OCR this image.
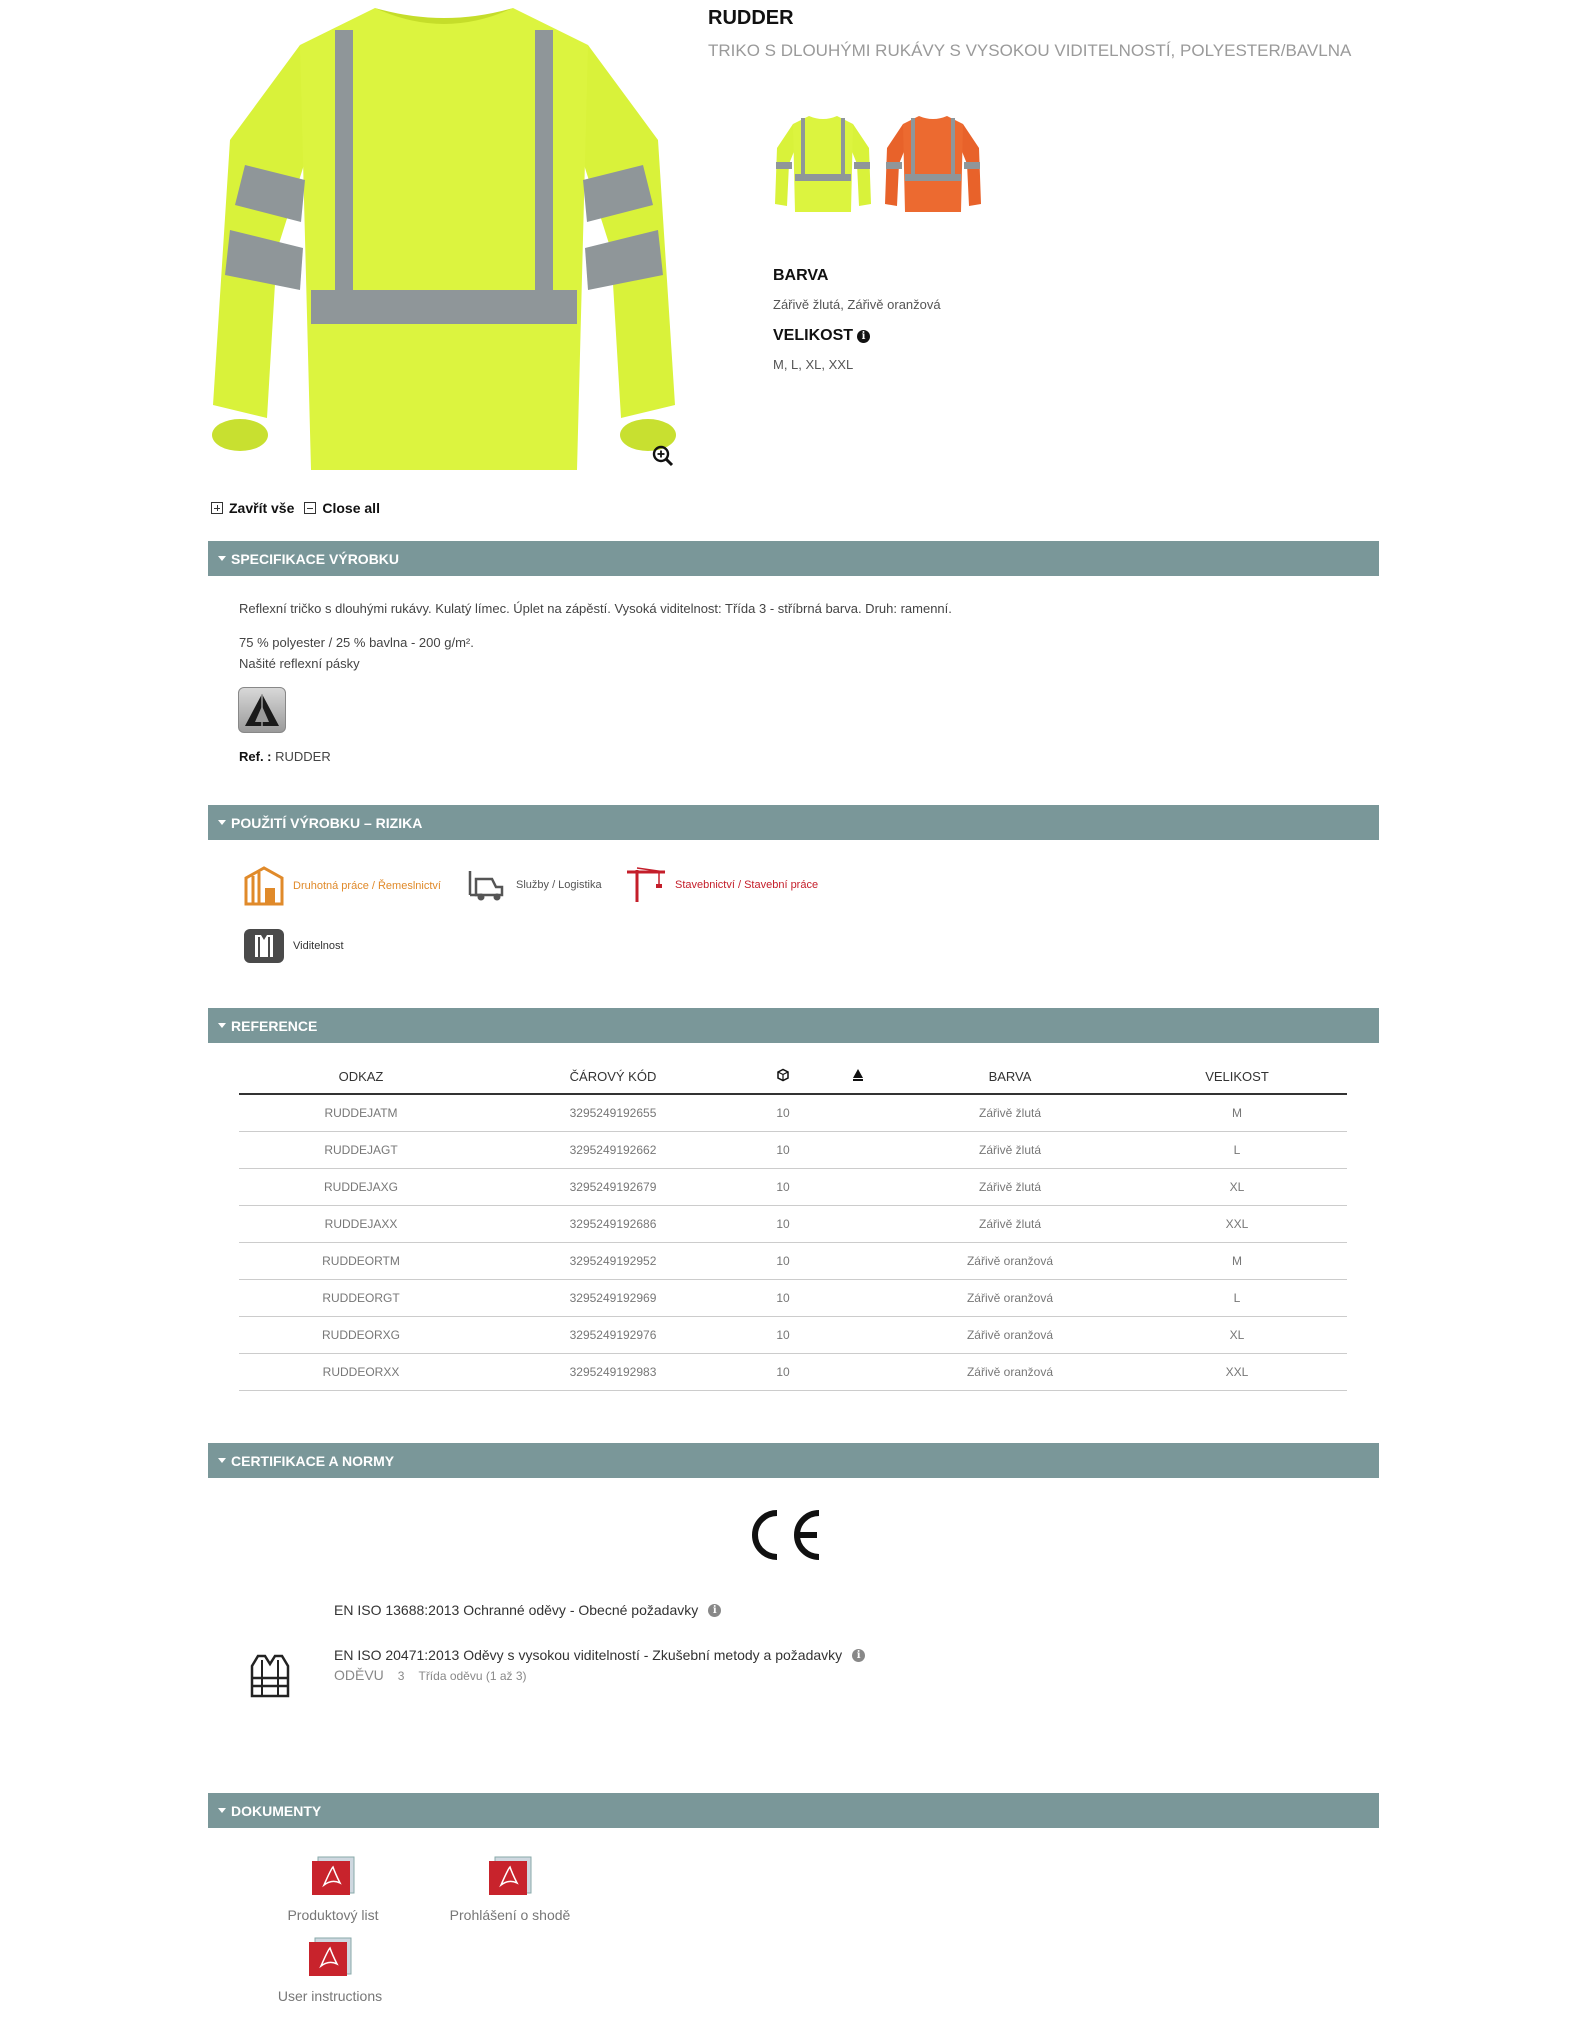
RUDDER
TRIKO S DLOUHÝMI RUKÁVY S VYSOKOU VIDITELNOSTÍ, POLYESTER/BAVLNA
BARVA
Zářivě žlutá, Zářivě oranžová
VELIKOST i
M, L, XL, XXL
Zavřít vše Close all
SPECIFIKACE VÝROBKU
Reflexní tričko s dlouhými rukávy. Kulatý límec. Úplet na zápěstí. Vysoká viditelnost: Třída 3 - stříbrná barva. Druh: ramenní.
75 % polyester / 25 % bavlna - 200 g/m².
Našité reflexní pásky
Ref. : RUDDER
POUŽITÍ VÝROBKU – RIZIKA
Druhotná práce / Řemeslnictví	Služby / Logistika	Stavebnictví / Stavební práce
Viditelnost
REFERENCE
ODKAZ	ČÁROVÝ KÓD			BARVA	VELIKOST
RUDDEJATM	3295249192655	10		Zářivě žlutá	M
RUDDEJAGT	3295249192662	10		Zářivě žlutá	L
RUDDEJAXG	3295249192679	10		Zářivě žlutá	XL
RUDDEJAXX	3295249192686	10		Zářivě žlutá	XXL
RUDDEORTM	3295249192952	10		Zářivě oranžová	M
RUDDEORGT	3295249192969	10		Zářivě oranžová	L
RUDDEORXG	3295249192976	10		Zářivě oranžová	XL
RUDDEORXX	3295249192983	10		Zářivě oranžová	XXL
CERTIFIKACE A NORMY
EN ISO 13688:2013 Ochranné oděvy - Obecné požadavky	i
EN ISO 20471:2013 Oděvy s vysokou viditelností - Zkušební metody a požadavky	i
ODĚVU 3 Třída oděvu (1 až 3)
DOKUMENTY
Produktový list	Prohlášení o shodě
User instructions
